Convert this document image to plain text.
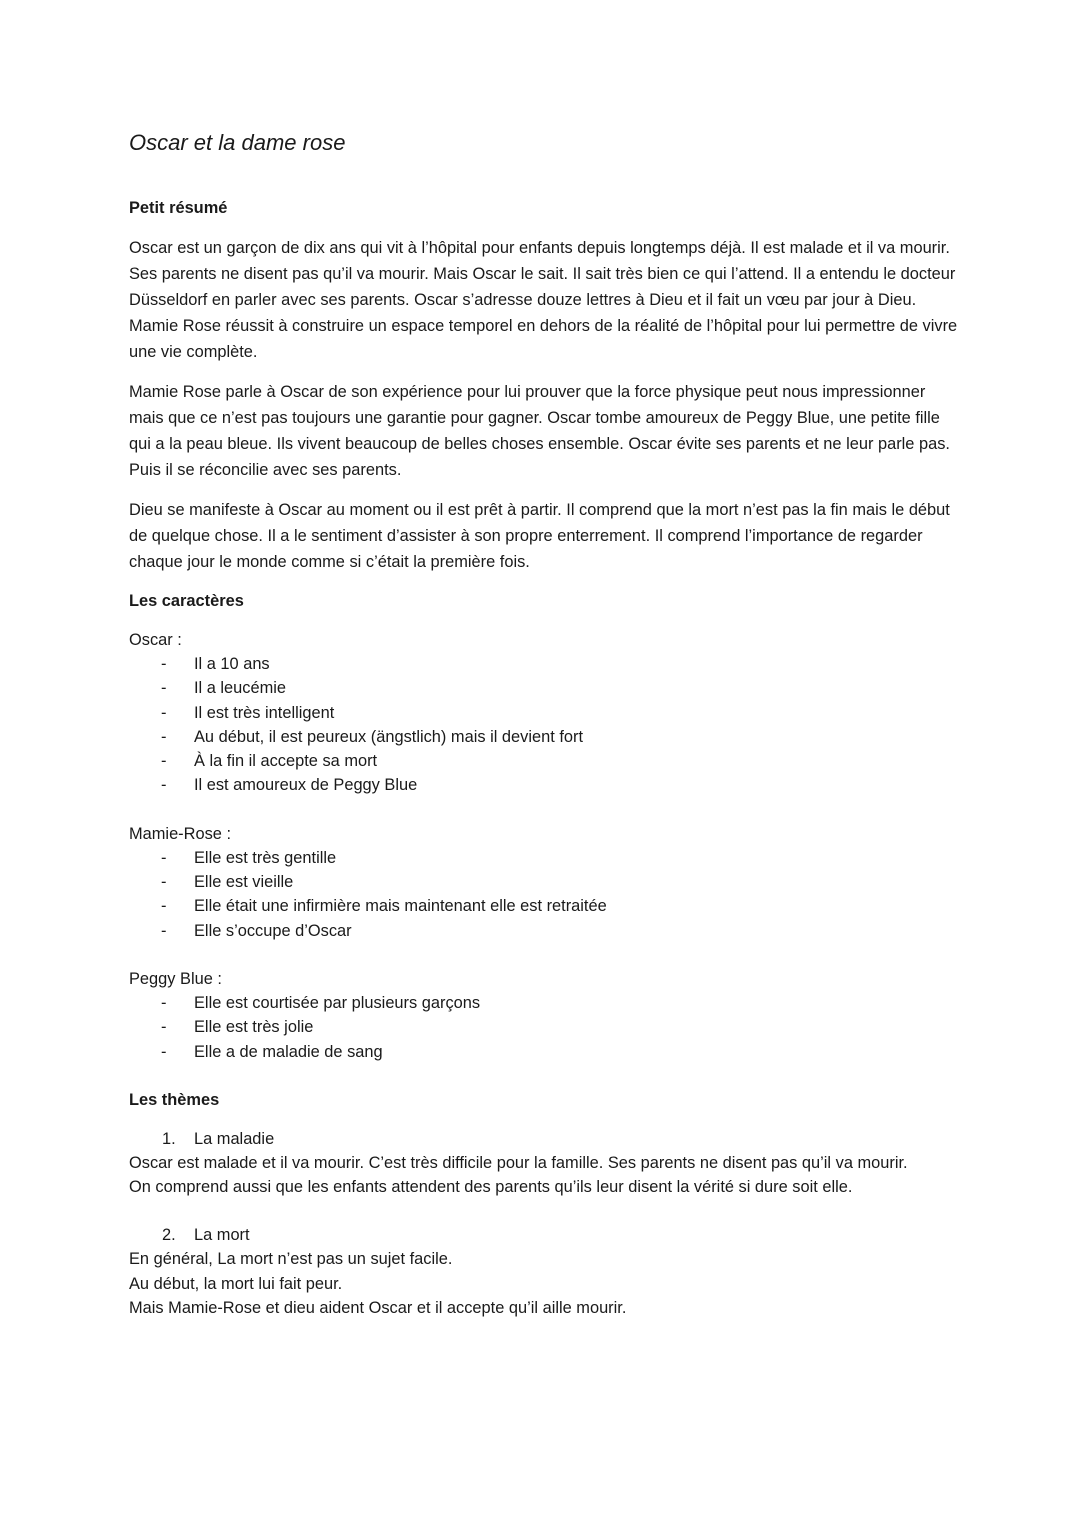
Oscar et la dame rose
Petit résumé

Oscar est un garçon de dix ans qui vit à l’hôpital pour enfants depuis longtemps déjà. Il est malade et il va mourir. Ses parents ne disent pas qu’il va mourir. Mais Oscar le sait. Il sait très bien ce qui l’attend. Il a entendu le docteur Düsseldorf en parler avec ses parents. Oscar s’adresse douze lettres à Dieu et il fait un vœu par jour à Dieu. Mamie Rose réussit à construire un espace temporel en dehors de la réalité de l’hôpital pour lui permettre de vivre une vie complète.

Mamie Rose parle à Oscar de son expérience pour lui prouver que la force physique peut nous impressionner mais que ce n’est pas toujours une garantie pour gagner. Oscar tombe amoureux de Peggy Blue, une petite fille qui a la peau bleue. Ils vivent beaucoup de belles choses ensemble. Oscar évite ses parents et ne leur parle pas. Puis il se réconcilie avec ses parents.

Dieu se manifeste à Oscar au moment ou il est prêt à partir. Il comprend que la mort n’est pas la fin mais le début de quelque chose. Il a le sentiment d’assister à son propre enterrement. Il comprend l’importance de regarder chaque jour le monde comme si c’était la première fois.

Les caractères

Oscar :

- Il a 10 ans
- Il a leucémie
- Il est très intelligent
- Au début, il est peureux (ängstlich) mais il devient fort
- À la fin il accepte sa mort
- Il est amoureux de Peggy Blue

Mamie-Rose :

- Elle est très gentille
- Elle est vieille
- Elle était une infirmière mais maintenant elle est retraitée
- Elle s’occupe d’Oscar

Peggy Blue :

- Elle est courtisée par plusieurs garçons
- Elle est très jolie
- Elle a de maladie de sang
Les thèmes
1. La maladie
Oscar est malade et il va mourir. C’est très difficile pour la famille. Ses parents ne disent pas qu’il va mourir.
On comprend aussi que les enfants attendent des parents qu’ils leur disent la vérité si dure soit elle.
2. La mort
En général, La mort n’est pas un sujet facile.
Au début, la mort lui fait peur.
Mais Mamie-Rose et dieu aident Oscar et il accepte qu’il aille mourir.
